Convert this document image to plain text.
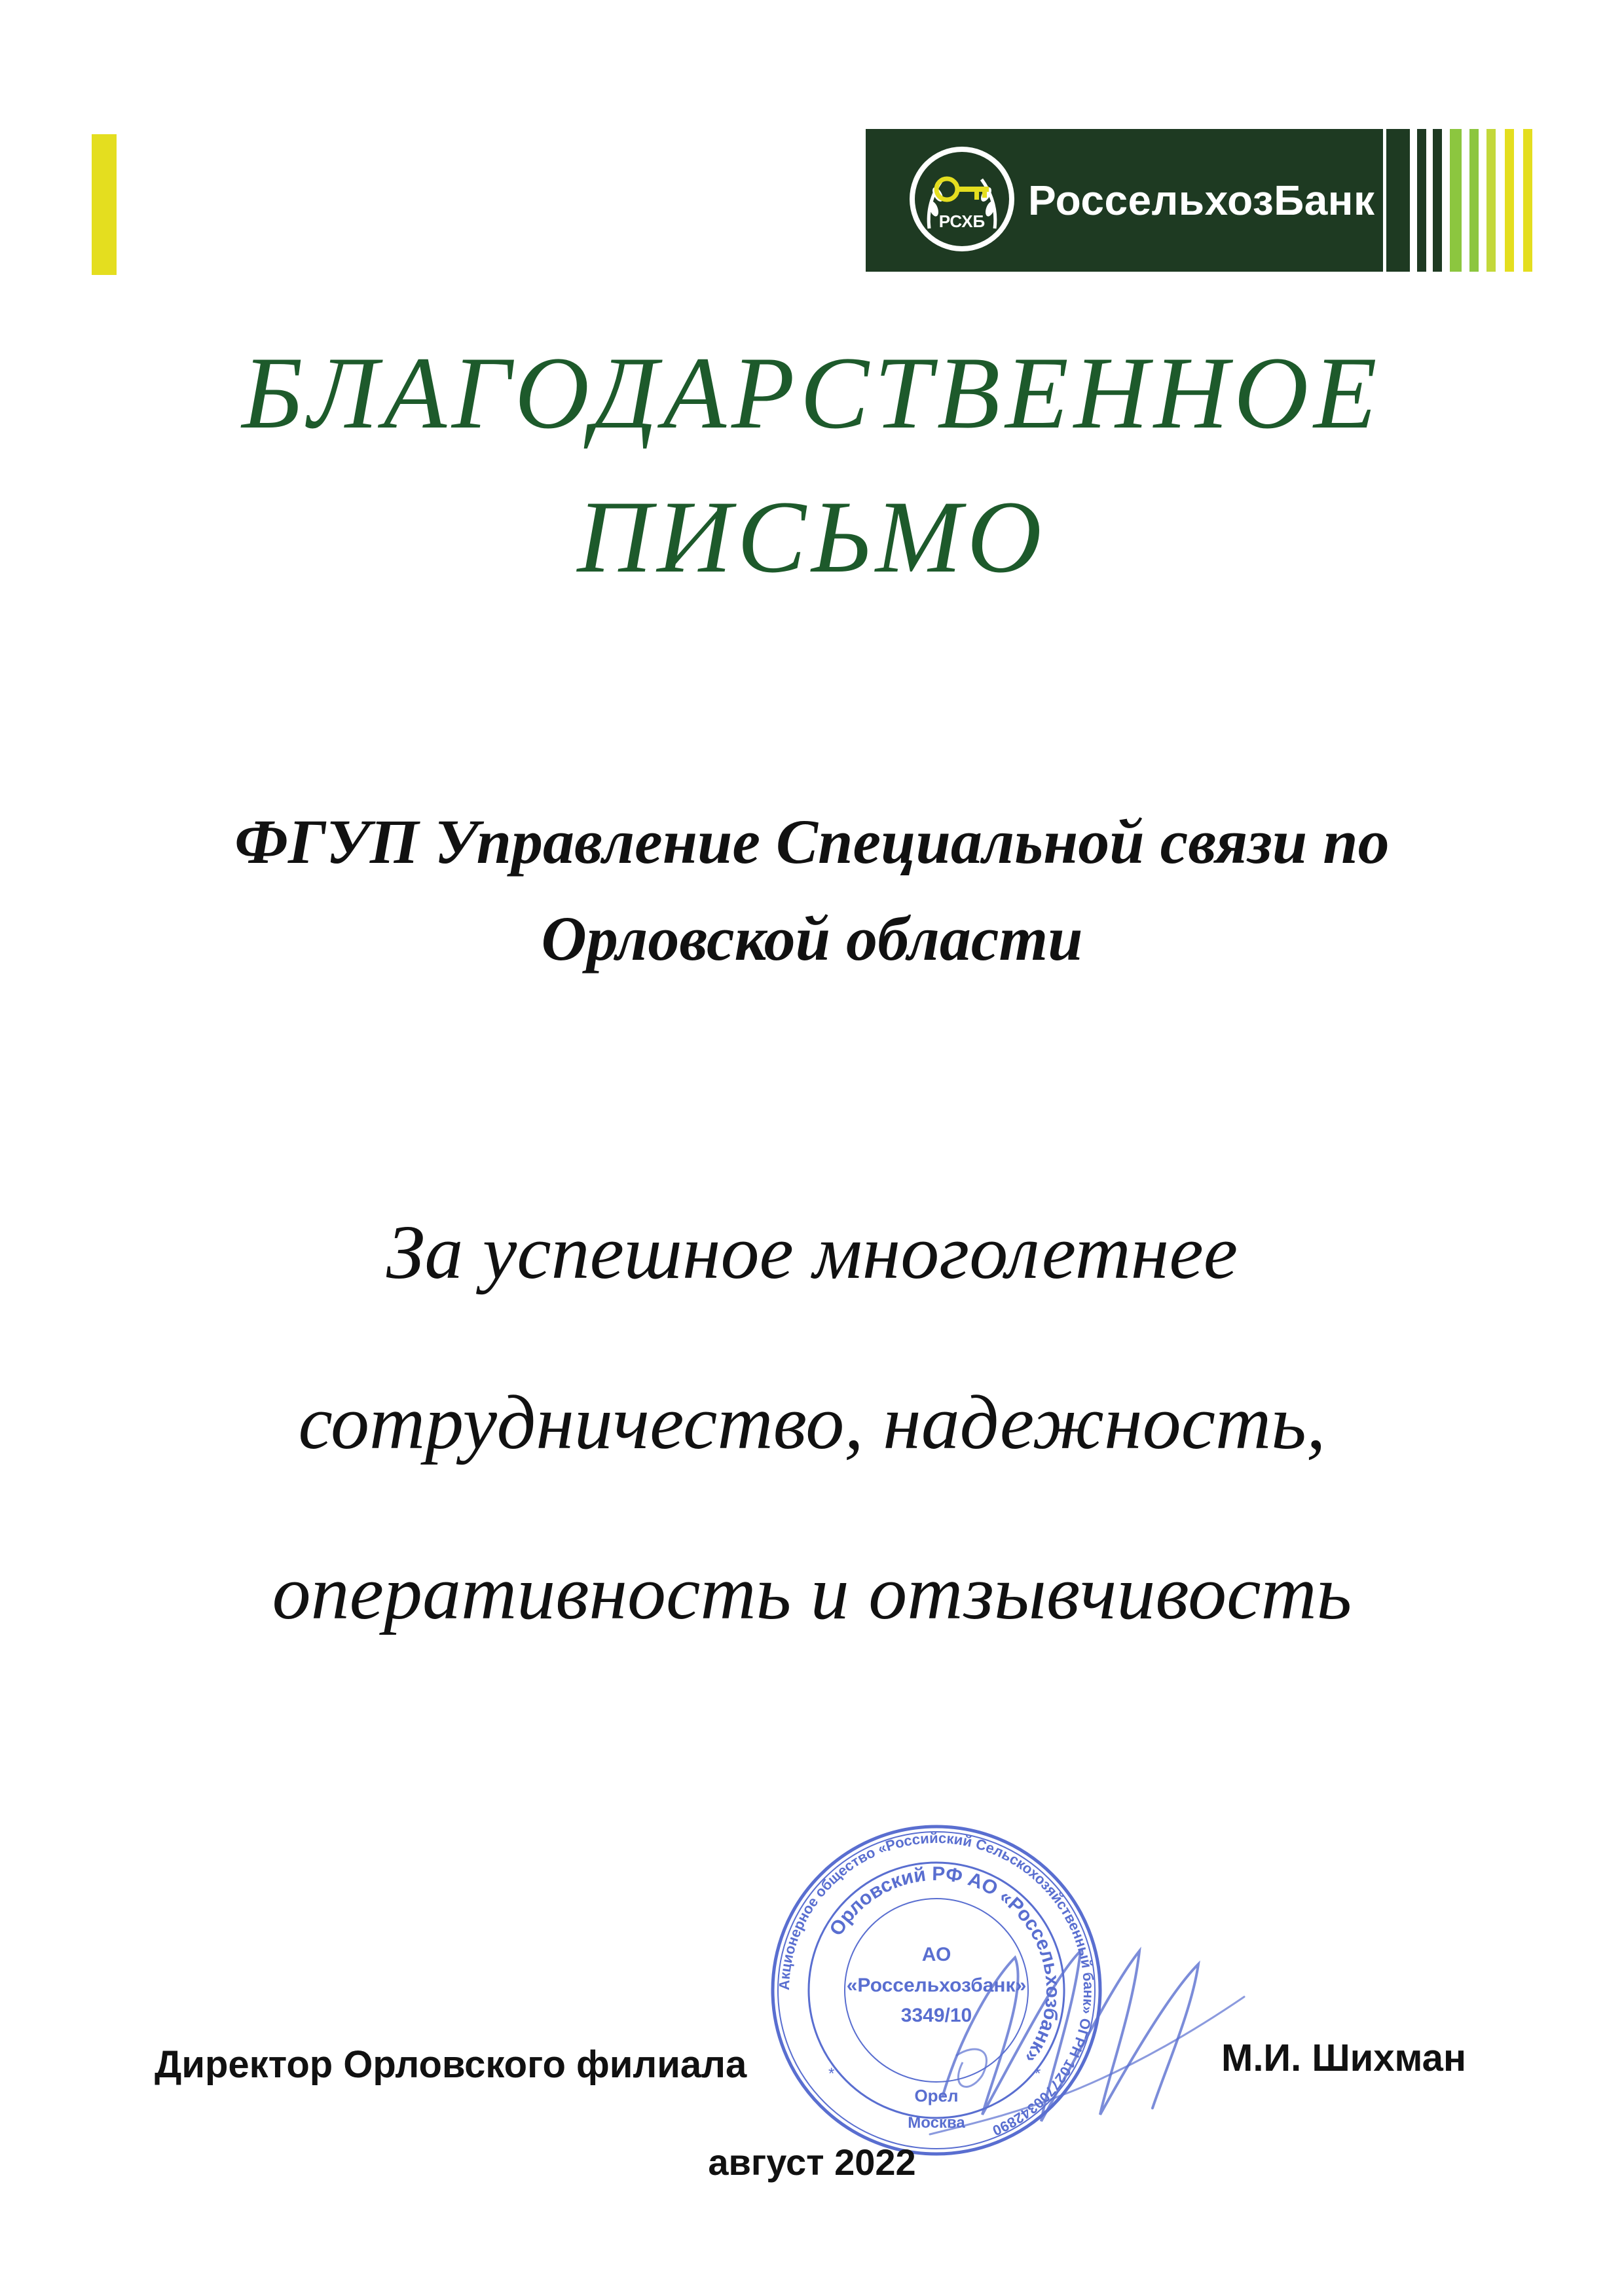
РСХБ РоссельхозБанк
БЛАГОДАРСТВЕННОЕ
ПИСЬМО
ФГУП Управление Специальной связи по
Орловской области
За успешное многолетнее
сотрудничество, надежность,
оперативность и отзывчивость
Директор Орловского филиала
Акционерное общество «Российский Сельскохозяйственный банк» ОГРН 1027700342890
Орловский РФ АО «Россельхозбанк»
АО
«Россельхозбанк»
3349/10
Орел
Москва
*	*	М.И. Шихман
август 2022
